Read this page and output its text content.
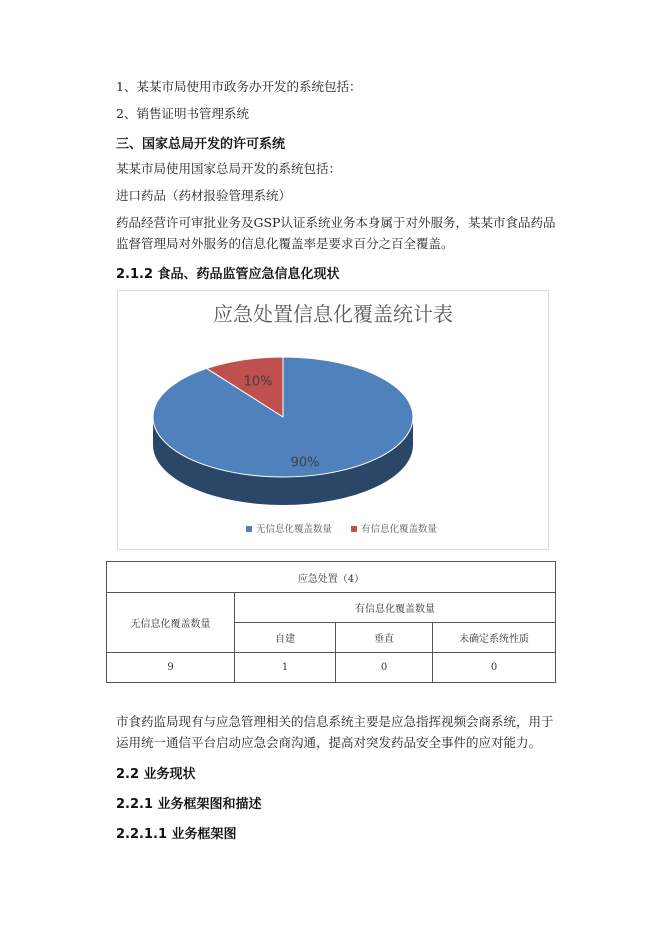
1、某某市局使用市政务办开发的系统包括：
2、销售证明书管理系统
三、国家总局开发的许可系统
某某市局使用国家总局开发的系统包括：
进口药品（药材报验管理系统）
药品经营许可审批业务及GSP认证系统业务本身属于对外服务，某某市食品药品监督管理局对外服务的信息化覆盖率是要求百分之百全覆盖。
2.1.2 食品、药品监管应急信息化现状
应急处置信息化覆盖统计表
10%
90%
无信息化覆盖数量	有信息化覆盖数量
应急处置（4）			
无信息化覆盖数量	有信息化覆盖数量		
	自建	垂直	未确定系统性质
9	1	0	0
市食药监局现有与应急管理相关的信息系统主要是应急指挥视频会商系统，用于运用统一通信平台启动应急会商沟通，提高对突发药品安全事件的应对能力。
2.2 业务现状
2.2.1 业务框架图和描述
2.2.1.1 业务框架图
